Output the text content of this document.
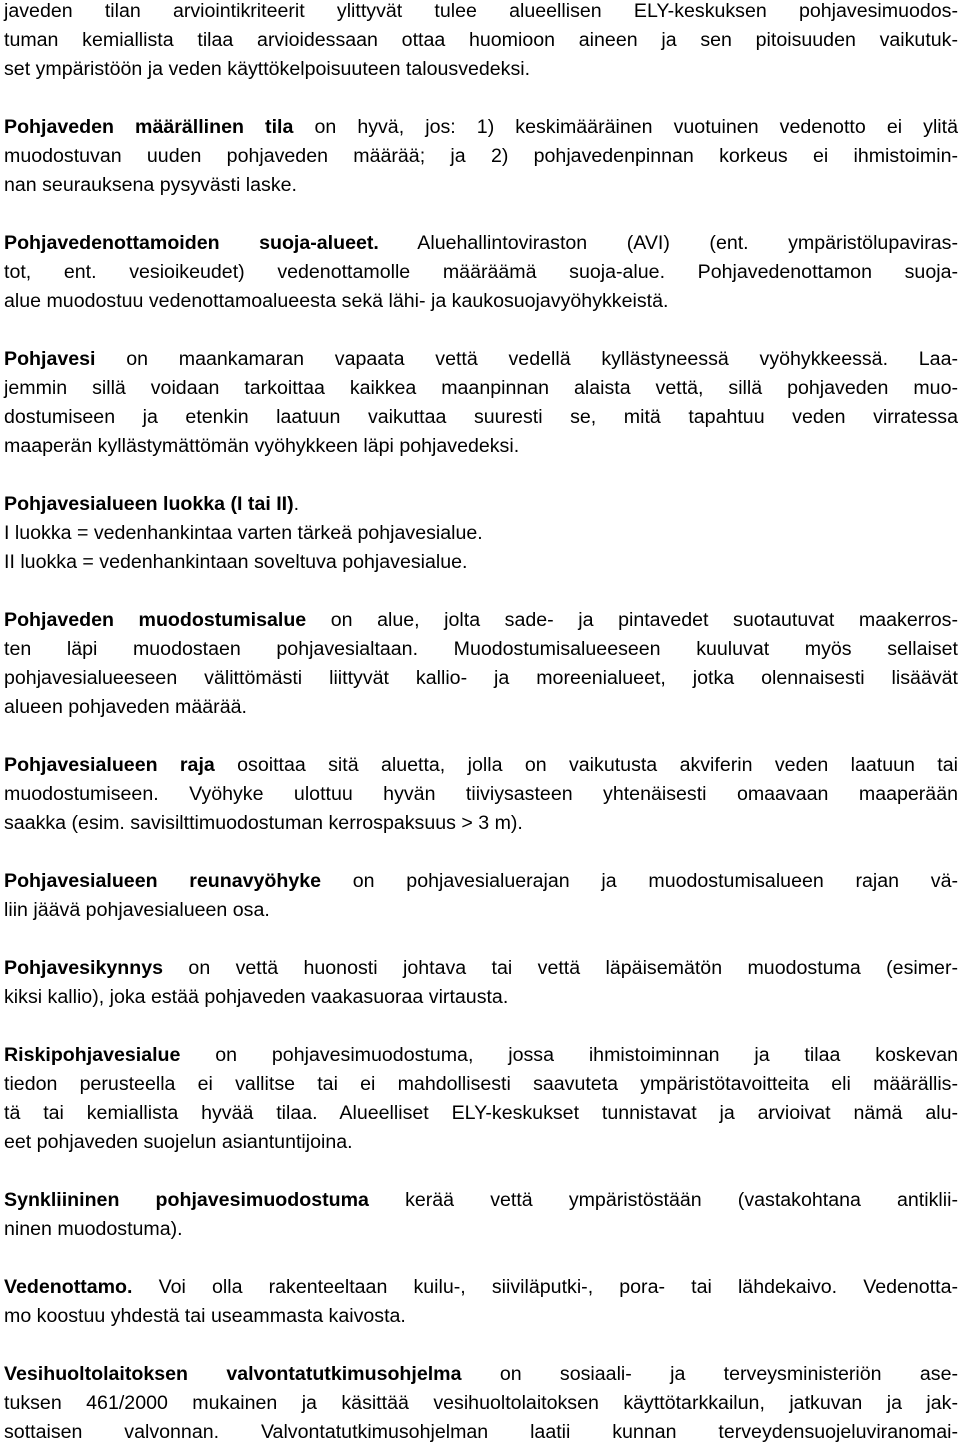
javeden tilan arviointikriteerit ylittyvät tulee alueellisen ELY-keskuksen pohjavesimuodos-
tuman kemiallista tilaa arvioidessaan ottaa huomioon aineen ja sen pitoisuuden vaikutuk-
set ympäristöön ja veden käyttökelpoisuuteen talousvedeksi.

Pohjaveden määrällinen tila on hyvä, jos: 1) keskimääräinen vuotuinen vedenotto ei ylitä
muodostuvan uuden pohjaveden määrää; ja 2) pohjavedenpinnan korkeus ei ihmistoimin-
nan seurauksena pysyvästi laske.

Pohjavedenottamoiden suoja-alueet. Aluehallintoviraston (AVI) (ent. ympäristölupaviras-
tot, ent. vesioikeudet) vedenottamolle määräämä suoja-alue. Pohjavedenottamon suoja-
alue muodostuu vedenottamoalueesta sekä lähi- ja kaukosuojavyöhykkeistä.

Pohjavesi on maankamaran vapaata vettä vedellä kyllästyneessä vyöhykkeessä. Laa-
jemmin sillä voidaan tarkoittaa kaikkea maanpinnan alaista vettä, sillä pohjaveden muo-
dostumiseen ja etenkin laatuun vaikuttaa suuresti se, mitä tapahtuu veden virratessa
maaperän kyllästymättömän vyöhykkeen läpi pohjavedeksi.

Pohjavesialueen luokka (I tai II).
I luokka = vedenhankintaa varten tärkeä pohjavesialue.
II luokka = vedenhankintaan soveltuva pohjavesialue.

Pohjaveden muodostumisalue on alue, jolta sade- ja pintavedet suotautuvat maakerros-
ten läpi muodostaen pohjavesialtaan. Muodostumisalueeseen kuuluvat myös sellaiset
pohjavesialueeseen välittömästi liittyvät kallio- ja moreenialueet, jotka olennaisesti lisäävät
alueen pohjaveden määrää.

Pohjavesialueen raja osoittaa sitä aluetta, jolla on vaikutusta akviferin veden laatuun tai
muodostumiseen. Vyöhyke ulottuu hyvän tiiviysasteen yhtenäisesti omaavaan maaperään
saakka (esim. savisilttimuodostuman kerrospaksuus > 3 m).

Pohjavesialueen reunavyöhyke on pohjavesialuerajan ja muodostumisalueen rajan vä-
liin jäävä pohjavesialueen osa.

Pohjavesikynnys on vettä huonosti johtava tai vettä läpäisemätön muodostuma (esimer-
kiksi kallio), joka estää pohjaveden vaakasuoraa virtausta.

Riskipohjavesialue on pohjavesimuodostuma, jossa ihmistoiminnan ja tilaa koskevan
tiedon perusteella ei vallitse tai ei mahdollisesti saavuteta ympäristötavoitteita eli määrällis-
tä tai kemiallista hyvää tilaa. Alueelliset ELY-keskukset tunnistavat ja arvioivat nämä alu-
eet pohjaveden suojelun asiantuntijoina.

Synkliininen pohjavesimuodostuma kerää vettä ympäristöstään (vastakohtana antiklii-
ninen muodostuma).

Vedenottamo. Voi olla rakenteeltaan kuilu-, siiviläputki-, pora- tai lähdekaivo. Vedenotta-
mo koostuu yhdestä tai useammasta kaivosta.

Vesihuoltolaitoksen valvontatutkimusohjelma on sosiaali- ja terveysministeriön ase-
tuksen 461/2000 mukainen ja käsittää vesihuoltolaitoksen käyttötarkkailun, jatkuvan ja jak-
sottaisen valvonnan. Valvontatutkimusohjelman laatii kunnan terveydensuojeluviranomai-
